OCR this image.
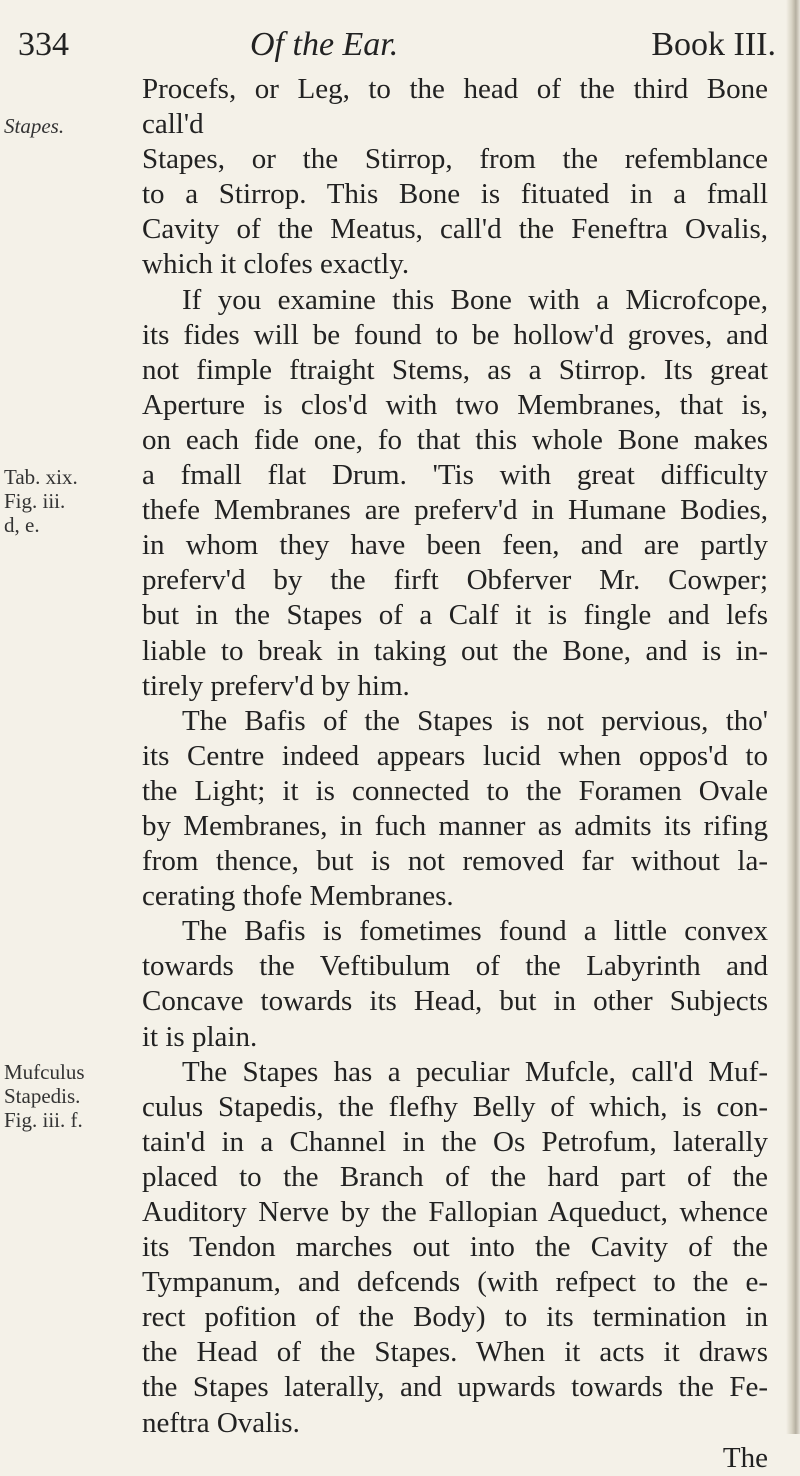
334	Of the Ear.	Book III.
Stapes.
Tab. xix.
Fig. iii.
d, e.
Mufculus
Stapedis.
Fig. iii. f.
Procefs, or Leg, to the head of the third Bone
call'd
Stapes, or the Stirrop, from the refemblance
to a Stirrop. This Bone is fituated in a fmall
Cavity of the Meatus, call'd the Feneftra Ovalis,
which it clofes exactly.
If you examine this Bone with a Microfcope,
its fides will be found to be hollow'd groves, and
not fimple ftraight Stems, as a Stirrop. Its great
Aperture is clos'd with two Membranes, that is,
on each fide one, fo that this whole Bone makes
a fmall flat Drum. 'Tis with great difficulty
thefe Membranes are preferv'd in Humane Bodies,
in whom they have been feen, and are partly
preferv'd by the firft Obferver Mr. Cowper;
but in the Stapes of a Calf it is fingle and lefs
liable to break in taking out the Bone, and is in-
tirely preferv'd by him.
The Bafis of the Stapes is not pervious, tho'
its Centre indeed appears lucid when oppos'd to
the Light; it is connected to the Foramen Ovale
by Membranes, in fuch manner as admits its rifing
from thence, but is not removed far without la-
cerating thofe Membranes.
The Bafis is fometimes found a little convex
towards the Veftibulum of the Labyrinth and
Concave towards its Head, but in other Subjects
it is plain.
The Stapes has a peculiar Mufcle, call'd Muf-
culus Stapedis, the flefhy Belly of which, is con-
tain'd in a Channel in the Os Petrofum, laterally
placed to the Branch of the hard part of the
Auditory Nerve by the Fallopian Aqueduct, whence
its Tendon marches out into the Cavity of the
Tympanum, and defcends (with refpect to the e-
rect pofition of the Body) to its termination in
the Head of the Stapes. When it acts it draws
the Stapes laterally, and upwards towards the Fe-
neftra Ovalis.
The
